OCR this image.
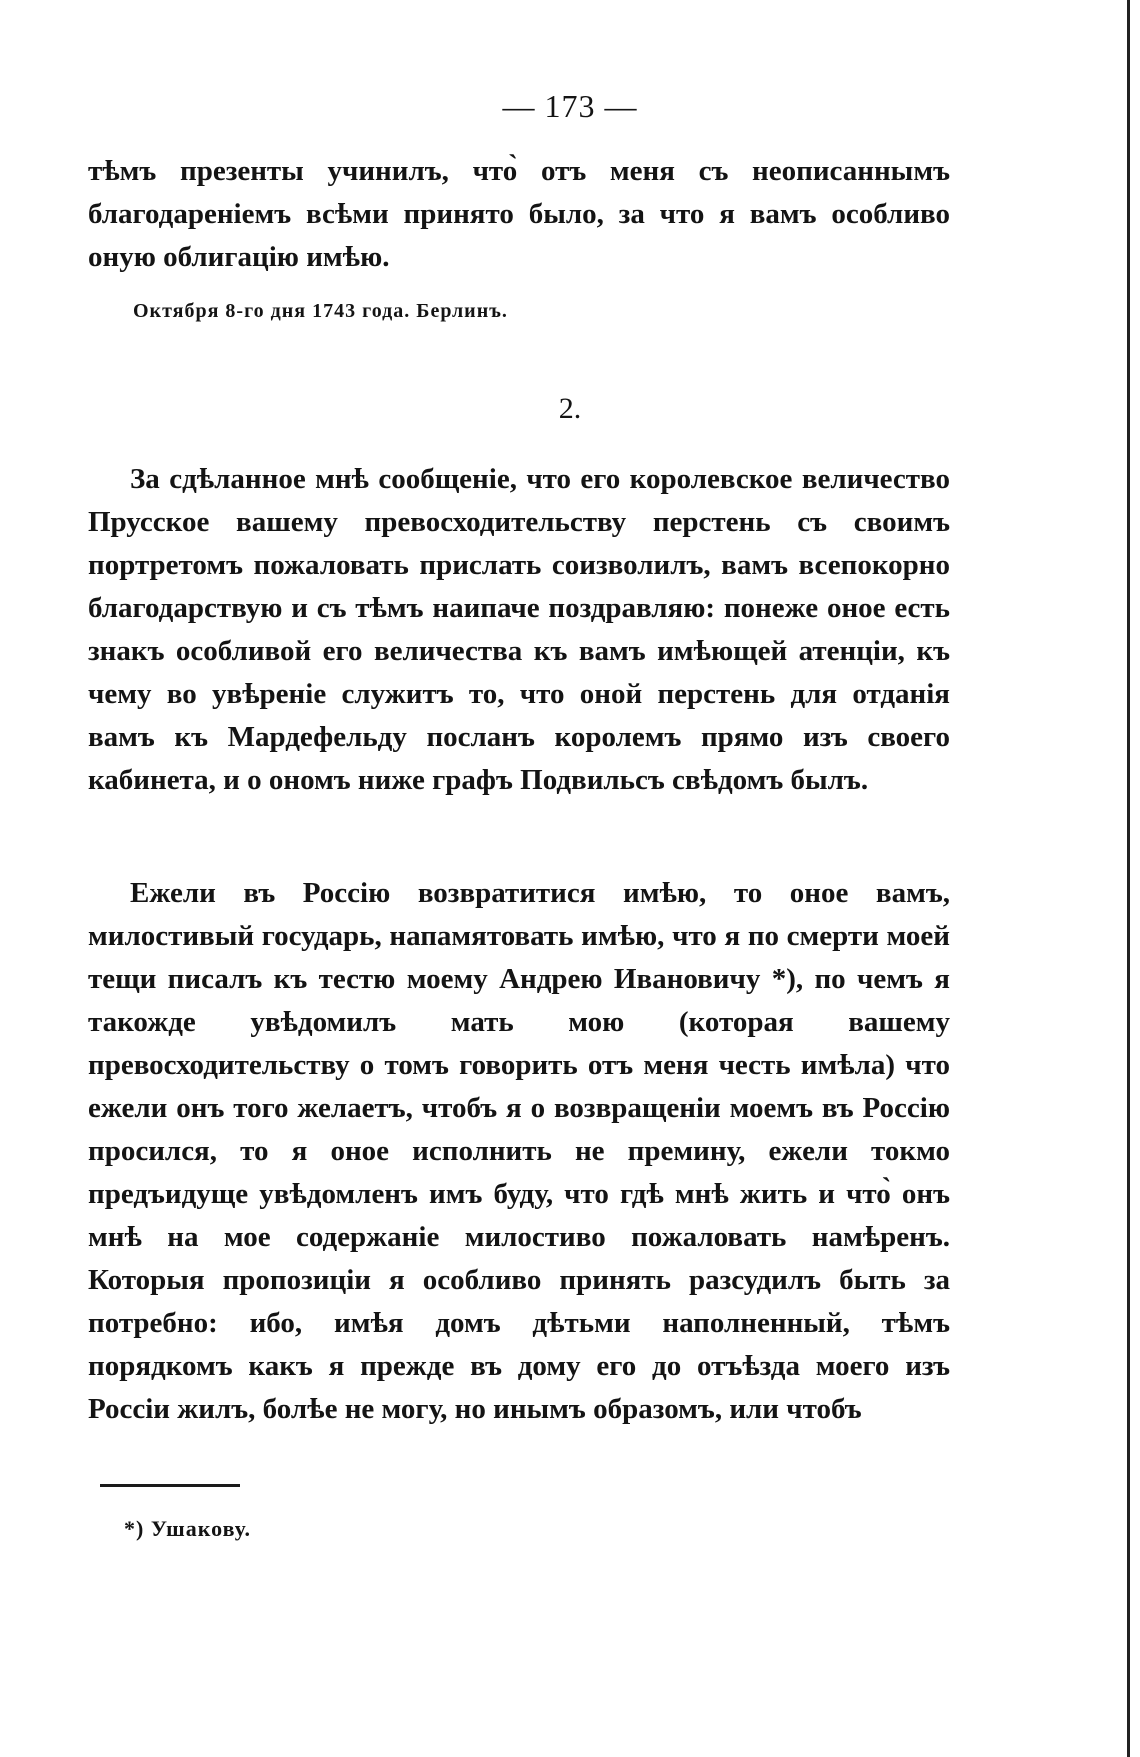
— 173 —

тѣмъ презенты учинилъ, что̀ отъ меня съ неописаннымъ благодареніемъ всѣми принято было, за что я вамъ особливо оную облигацію имѣю.

Октября 8-го дня 1743 года. Берлинъ.
2.

За сдѣланное мнѣ сообщеніе, что его королевское величество Прусское вашему превосходительству перстень съ своимъ портретомъ пожаловать прислать соизволилъ, вамъ всепокорно благодарствую и съ тѣмъ наипаче поздравляю: понеже оное есть знакъ особливой его величества къ вамъ имѣющей атенціи, къ чему во увѣреніе служитъ то, что оной перстень для отданія вамъ къ Мардефельду посланъ королемъ прямо изъ своего кабинета, и о ономъ ниже графъ Подвильсъ свѣдомъ былъ.

Ежели въ Россію возвратитися имѣю, то оное вамъ, милостивый государь, напамятовать имѣю, что я по смерти моей тещи писалъ къ тестю моему Андрею Ивановичу *), по чемъ я такожде увѣдомилъ мать мою (которая вашему превосходительству о томъ говорить отъ меня честь имѣла) что ежели онъ того желаетъ, чтобъ я о возвращеніи моемъ въ Россію просился, то я оное исполнить не премину, ежели токмо предъидуще увѣдомленъ имъ буду, что гдѣ мнѣ жить и что̀ онъ мнѣ на мое содержаніе милостиво пожаловать намѣренъ. Которыя пропозиціи я особливо принять разсудилъ быть за потребно: ибо, имѣя домъ дѣтьми наполненный, тѣмъ порядкомъ какъ я прежде въ дому его до отъѣзда моего изъ Россіи жилъ, болѣе не могу, но инымъ образомъ, или чтобъ

*) Ушакову.
